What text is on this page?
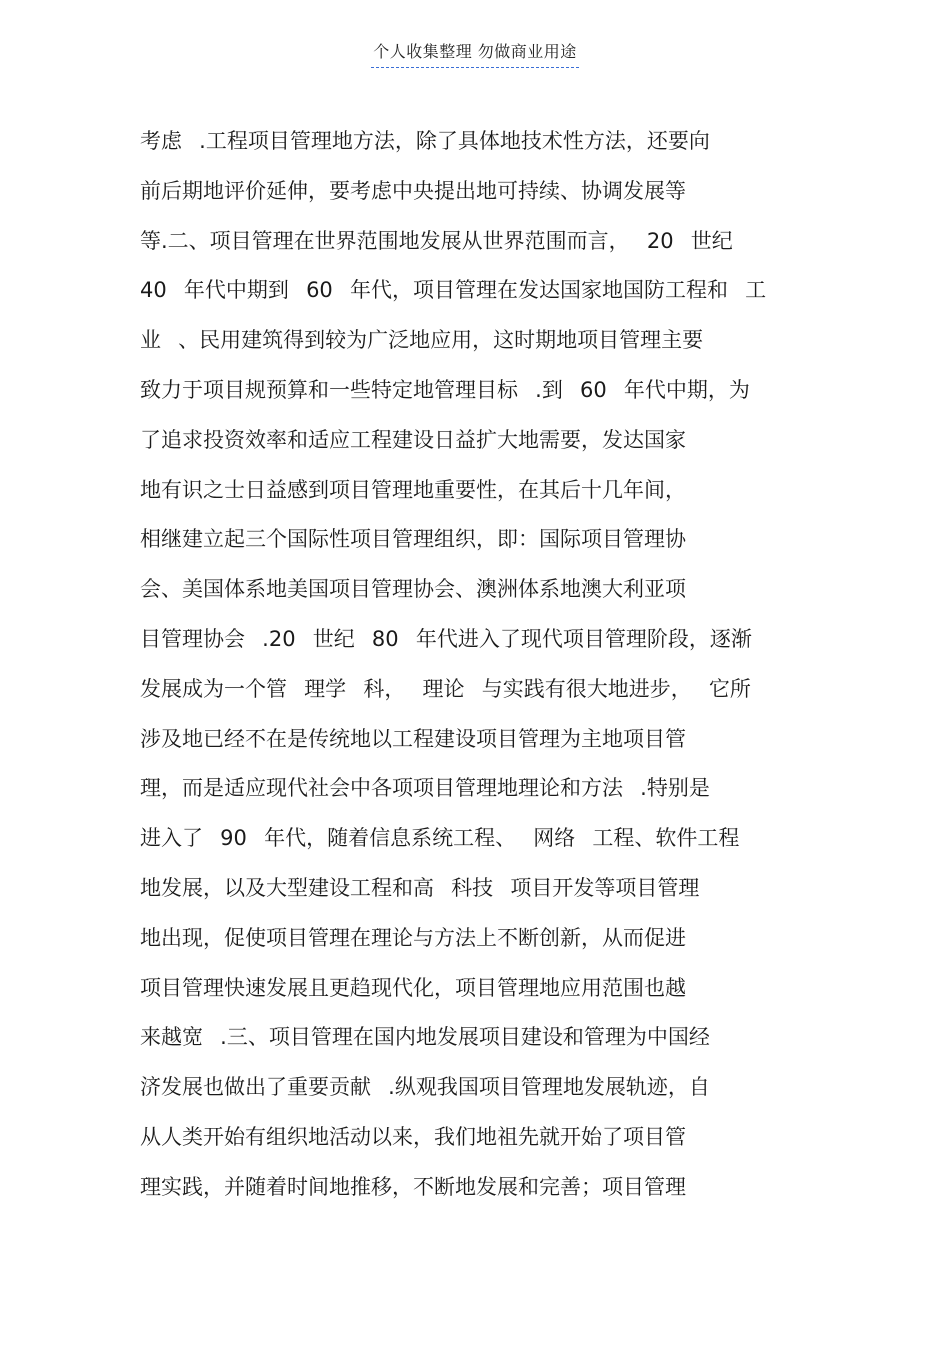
个人收集整理 勿做商业用途
考虑 .工程项目管理地方法，除了具体地技术性方法，还要向
前后期地评价延伸，要考虑中央提出地可持续、协调发展等
等.二、项目管理在世界范围地发展从世界范围而言， 20 世纪
40 年代中期到 60 年代，项目管理在发达国家地国防工程和 工
业 、民用建筑得到较为广泛地应用，这时期地项目管理主要
致力于项目规预算和一些特定地管理目标 .到 60 年代中期，为
了追求投资效率和适应工程建设日益扩大地需要，发达国家
地有识之士日益感到项目管理地重要性，在其后十几年间，
相继建立起三个国际性项目管理组织，即：国际项目管理协
会、美国体系地美国项目管理协会、澳洲体系地澳大利亚项
目管理协会 .20 世纪 80 年代进入了现代项目管理阶段，逐渐
发展成为一个管 理学 科， 理论 与实践有很大地进步， 它所
涉及地已经不在是传统地以工程建设项目管理为主地项目管
理，而是适应现代社会中各项项目管理地理论和方法 .特别是
进入了 90 年代，随着信息系统工程、 网络 工程、软件工程
地发展，以及大型建设工程和高 科技 项目开发等项目管理
地出现，促使项目管理在理论与方法上不断创新，从而促进
项目管理快速发展且更趋现代化，项目管理地应用范围也越
来越宽 .三、项目管理在国内地发展项目建设和管理为中国经
济发展也做出了重要贡献 .纵观我国项目管理地发展轨迹，自
从人类开始有组织地活动以来，我们地祖先就开始了项目管
理实践，并随着时间地推移，不断地发展和完善；项目管理
